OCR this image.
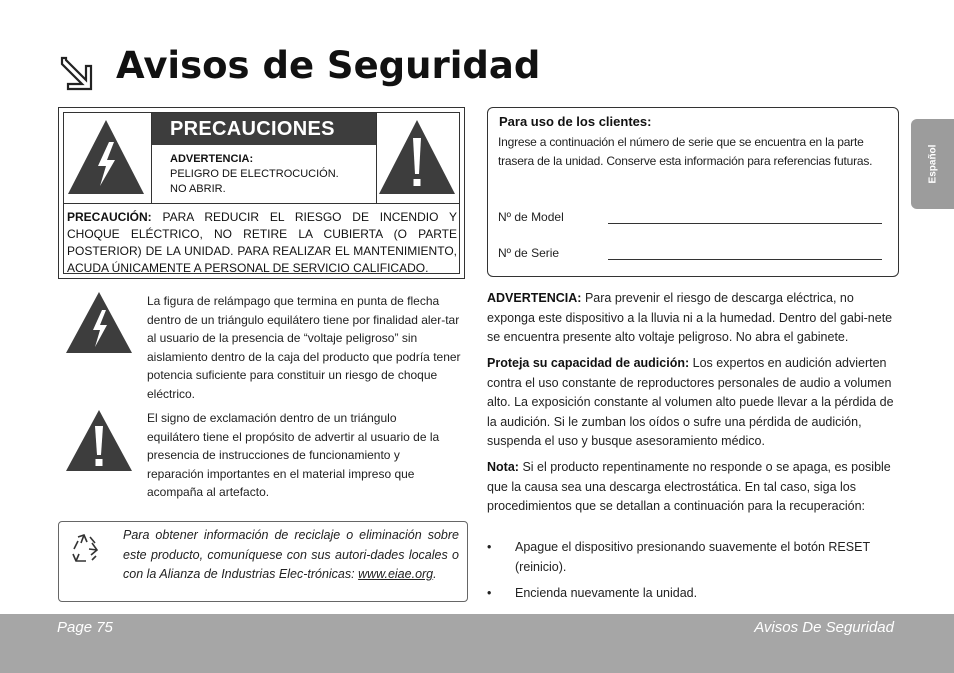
Avisos de Seguridad
PRECAUCIONES
ADVERTENCIA:
PELIGRO DE ELECTROCUCIÓN.
NO ABRIR.
PRECAUCIÓN: PARA REDUCIR EL RIESGO DE INCENDIO Y CHOQUE ELÉCTRICO, NO RETIRE LA CUBIERTA (O PARTE POSTERIOR) DE LA UNIDAD. PARA REALIZAR EL MANTENIMIENTO, ACUDA ÚNICAMENTE A PERSONAL DE SERVICIO CALIFICADO.
La figura de relámpago que termina en punta de flecha dentro de un triángulo equilátero tiene por finalidad aler-tar al usuario de la presencia de “voltaje peligroso” sin aislamiento dentro de la caja del producto que podría tener potencia suficiente para constituir un riesgo de choque eléctrico.
El signo de exclamación dentro de un triángulo equilátero tiene el propósito de advertir al usuario de la presencia de instrucciones de funcionamiento y reparación importantes en el material impreso que acompaña al artefacto.
Para obtener información de reciclaje o eliminación sobre este producto, comuníquese con sus autori-dades locales o con la Alianza de Industrias Elec-trónicas: www.eiae.org.
Para uso de los clientes:
Ingrese a continuación el número de serie que se encuentra en la parte trasera de la unidad. Conserve esta información para referencias futuras.
Nº de Model
Nº de Serie
ADVERTENCIA: Para prevenir el riesgo de descarga eléctrica, no exponga este dispositivo a la lluvia ni a la humedad. Dentro del gabi-nete se encuentra presente alto voltaje peligroso. No abra el gabinete.
Proteja su capacidad de audición: Los expertos en audición advierten contra el uso constante de reproductores personales de audio a volumen alto. La exposición constante al volumen alto puede llevar a la pérdida de la audición. Si le zumban los oídos o sufre una pérdida de audición, suspenda el uso y busque asesoramiento médico.
Nota: Si el producto repentinamente no responde o se apaga, es posible que la causa sea una descarga electrostática. En tal caso, siga los procedimientos que se detallan a continuación para la recuperación:
• Apague el dispositivo presionando suavemente el botón RESET (reinicio).
• Encienda nuevamente la unidad.
Español
Page 75	Avisos De Seguridad
